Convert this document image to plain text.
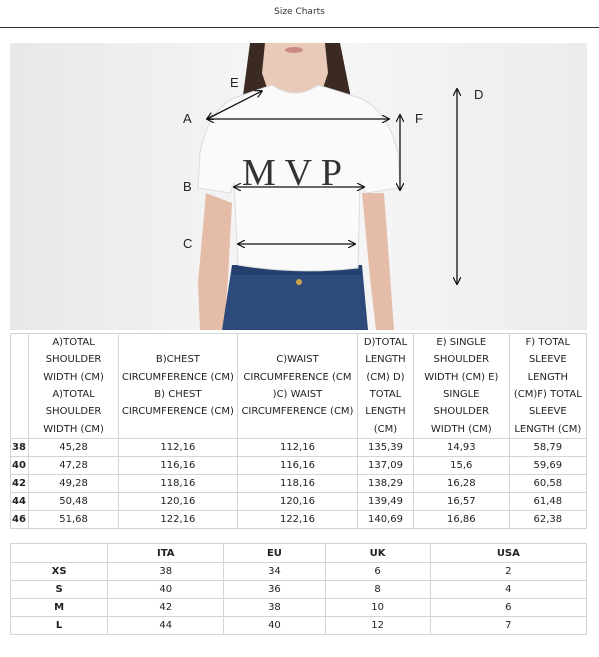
Size Charts
M V P
E
A	F
B
C
D
	A)TOTAL SHOULDER WIDTH (CM) A)TOTAL SHOULDER WIDTH (CM)	B)CHEST CIRCUMFERENCE (CM) B) CHEST CIRCUMFERENCE (CM)	C)WAIST CIRCUMFERENCE (CM )C) WAIST CIRCUMFERENCE (CM)	D)TOTAL LENGTH (CM) D) TOTAL LENGTH (CM)	E) SINGLE SHOULDER WIDTH (CM) E) SINGLE SHOULDER WIDTH (CM)	F) TOTAL SLEEVE LENGTH (CM)F) TOTAL SLEEVE LENGTH (CM)
38	45,28	112,16	112,16	135,39	14,93	58,79
40	47,28	116,16	116,16	137,09	15,6	59,69
42	49,28	118,16	118,16	138,29	16,28	60,58
44	50,48	120,16	120,16	139,49	16,57	61,48
46	51,68	122,16	122,16	140,69	16,86	62,38
	ITA	EU	UK	USA
XS	38	34	6	2
S	40	36	8	4
M	42	38	10	6
L	44	40	12	7
